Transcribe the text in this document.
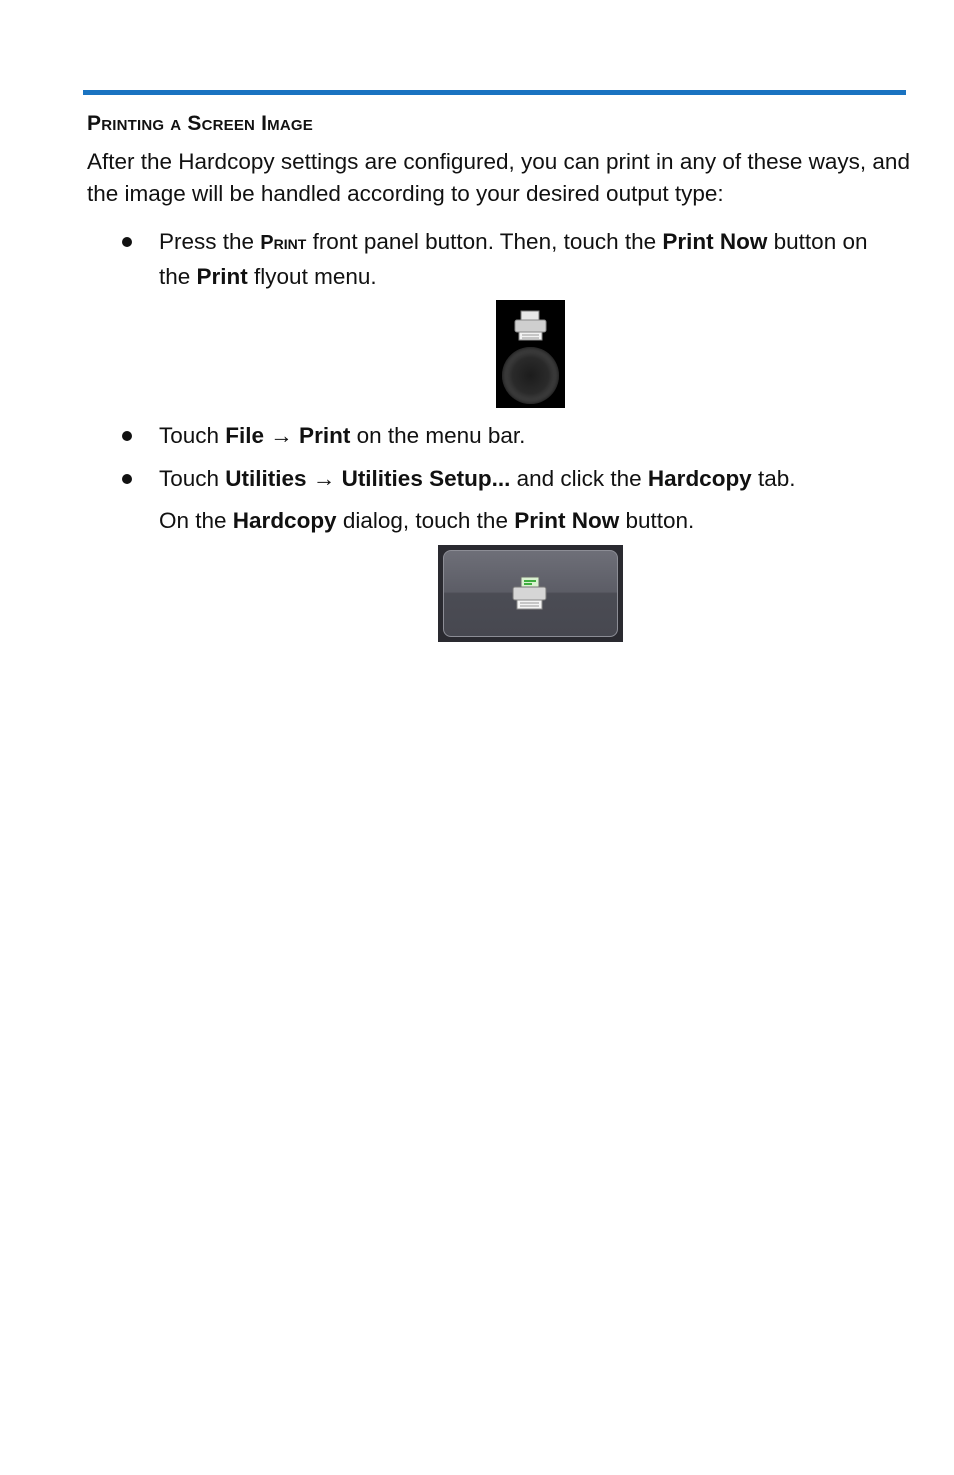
Printing a Screen Image

After the Hardcopy settings are configured, you can print in any of these ways, and the image will be handled according to your desired output type:

Press the Print front panel button. Then, touch the Print Now button on the Print flyout menu.

Touch File → Print on the menu bar.

Touch Utilities → Utilities Setup... and click the Hardcopy tab.

On the Hardcopy dialog, touch the Print Now button.
